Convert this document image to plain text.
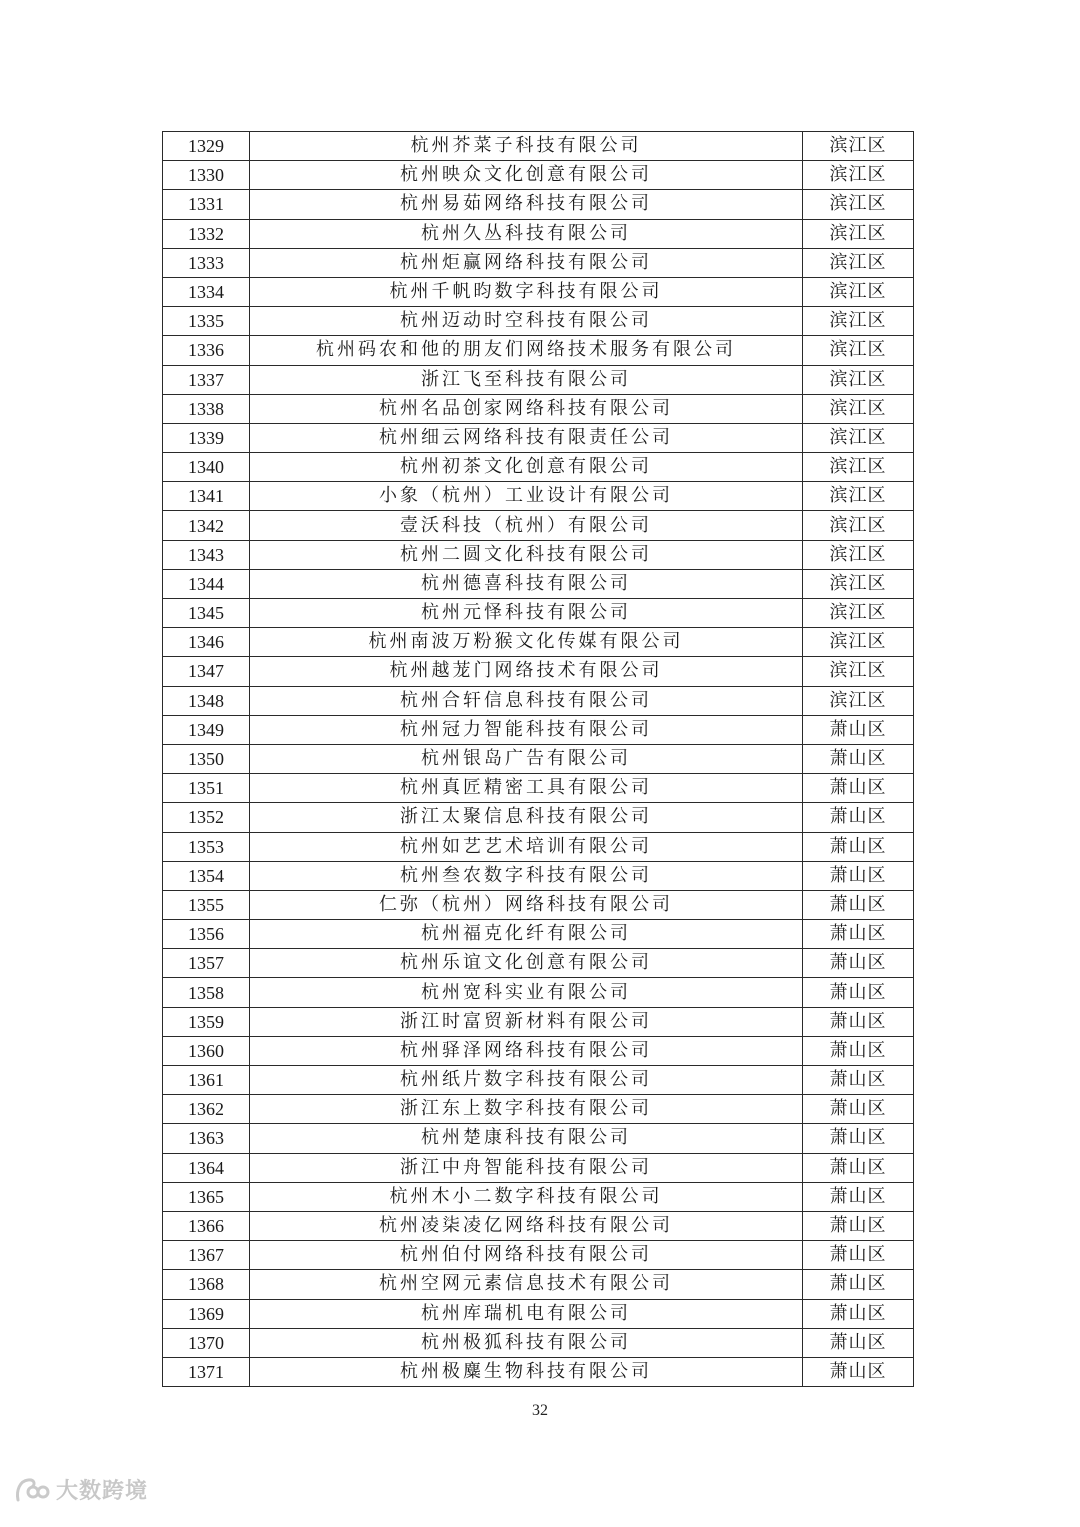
1329	杭州芥菜子科技有限公司	滨江区
1330	杭州映众文化创意有限公司	滨江区
1331	杭州易茹网络科技有限公司	滨江区
1332	杭州久丛科技有限公司	滨江区
1333	杭州炬赢网络科技有限公司	滨江区
1334	杭州千帆昀数字科技有限公司	滨江区
1335	杭州迈动时空科技有限公司	滨江区
1336	杭州码农和他的朋友们网络技术服务有限公司	滨江区
1337	浙江飞至科技有限公司	滨江区
1338	杭州名品创家网络科技有限公司	滨江区
1339	杭州细云网络科技有限责任公司	滨江区
1340	杭州初茶文化创意有限公司	滨江区
1341	小象（杭州）工业设计有限公司	滨江区
1342	壹沃科技（杭州）有限公司	滨江区
1343	杭州二圆文化科技有限公司	滨江区
1344	杭州德喜科技有限公司	滨江区
1345	杭州元怿科技有限公司	滨江区
1346	杭州南波万粉猴文化传媒有限公司	滨江区
1347	杭州越茏门网络技术有限公司	滨江区
1348	杭州合轩信息科技有限公司	滨江区
1349	杭州冠力智能科技有限公司	萧山区
1350	杭州银岛广告有限公司	萧山区
1351	杭州真匠精密工具有限公司	萧山区
1352	浙江太聚信息科技有限公司	萧山区
1353	杭州如艺艺术培训有限公司	萧山区
1354	杭州叁农数字科技有限公司	萧山区
1355	仁弥（杭州）网络科技有限公司	萧山区
1356	杭州福克化纤有限公司	萧山区
1357	杭州乐谊文化创意有限公司	萧山区
1358	杭州宽科实业有限公司	萧山区
1359	浙江时富贸新材料有限公司	萧山区
1360	杭州驿泽网络科技有限公司	萧山区
1361	杭州纸片数字科技有限公司	萧山区
1362	浙江东上数字科技有限公司	萧山区
1363	杭州楚康科技有限公司	萧山区
1364	浙江中舟智能科技有限公司	萧山区
1365	杭州木小二数字科技有限公司	萧山区
1366	杭州凌柒凌亿网络科技有限公司	萧山区
1367	杭州伯付网络科技有限公司	萧山区
1368	杭州空网元素信息技术有限公司	萧山区
1369	杭州库瑞机电有限公司	萧山区
1370	杭州极狐科技有限公司	萧山区
1371	杭州极麋生物科技有限公司	萧山区
32
大数跨境
